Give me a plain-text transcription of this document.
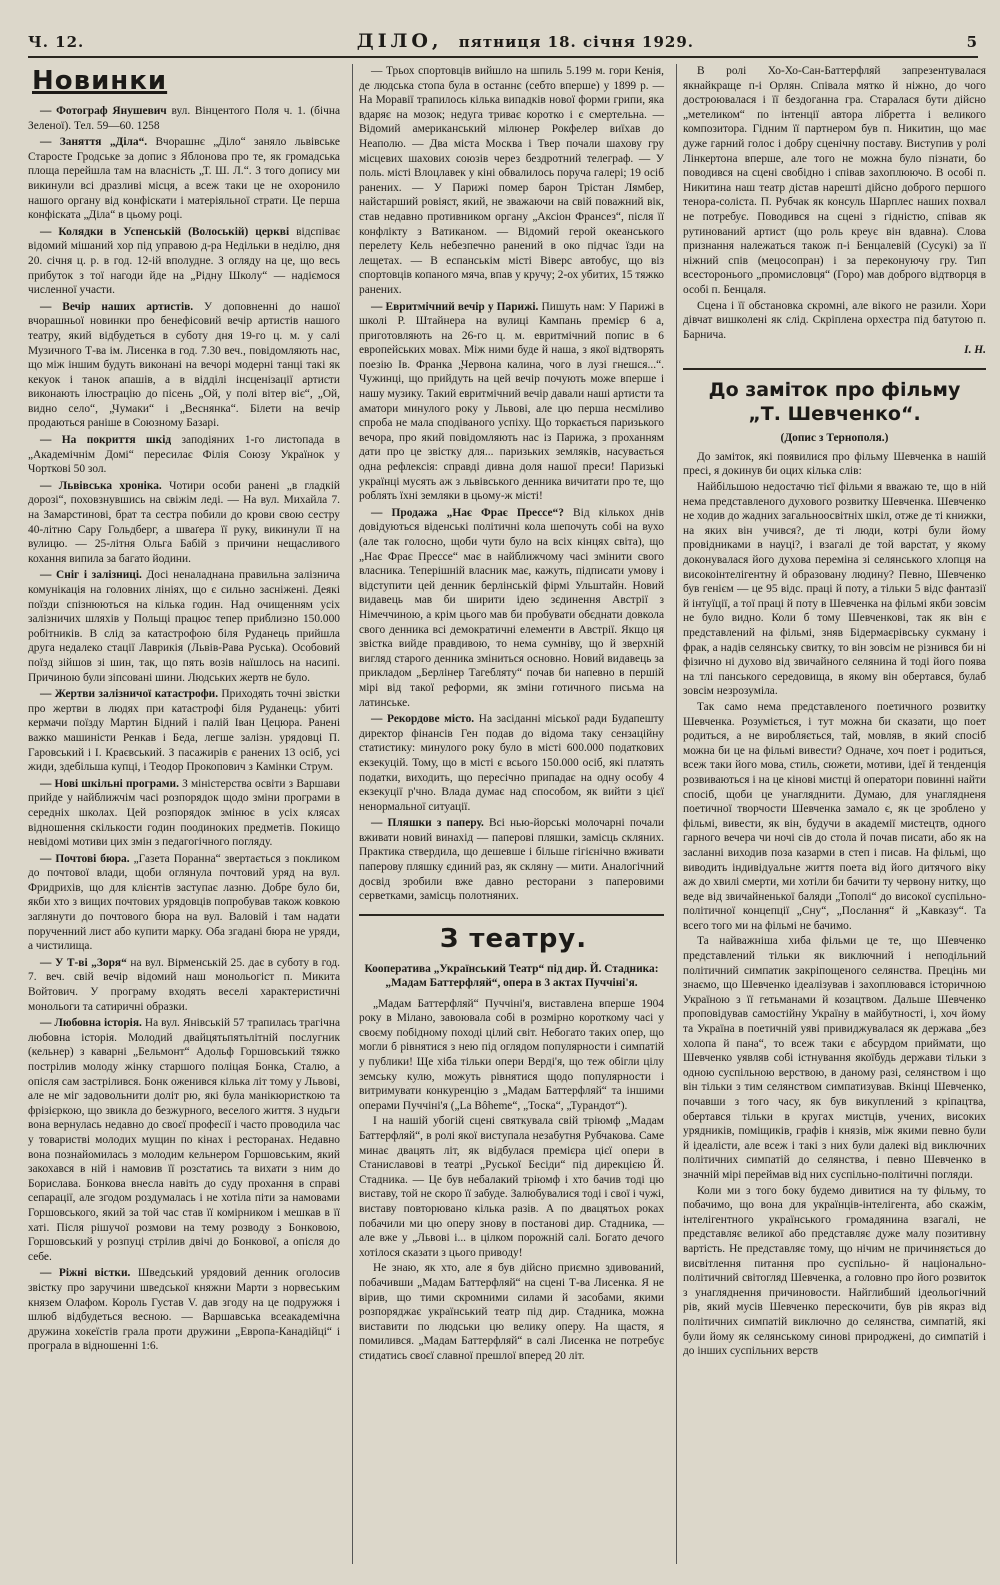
Ч. 12.	ДІЛО, пятниця 18. січня 1929.	5
Новинки

— Фотограф Янушевич вул. Вінцентого Поля ч. 1. (бічна Зеленої). Тел. 59—60. 1258

— Заняття „Діла“. Вчорашнє „Діло“ заняло львівське Старосте Гродське за допис з Яблонова про те, як громадська площа перейшла там на власність „Т. Ш. Л.“. З того допису ми викинули всі дразливі місця, а всеж таки це не охоронило нашого органу від конфіскати і матеріяльної страти. Це перша конфіската „Діла“ в цьому році.

— Колядки в Успенській (Волоській) церкві відспіває відомий мішаний хор під управою д-ра Недільки в неділю, дня 20. січня ц. р. в год. 12-ій вполудне. З огляду на це, що весь прибуток з тої нагоди йде на „Рідну Школу“ — надіємося численної участи.

— Вечір наших артистів. У доповненні до нашої вчорашньої новинки про бенефісовий вечір артистів нашого театру, який відбудеться в суботу дня 19-го ц. м. у салі Музичного Т-ва ім. Лисенка в год. 7.30 веч., повідомляють нас, що між іншим будуть виконані на вечорі модерні танці такі як кекуок і танок апашів, а в відділі інсценізації артисти виконають ілюстрацію до пісень „Ой, у полі вітер віє“, „Ой, видно село“, „Чумаки“ і „Веснянка“. Білети на вечір продаються раніше в Союзному Базарі.

— На покриття шкід заподіяних 1-го листопада в „Академічнім Домі“ пересилає Філія Союзу Українок у Чорткові 50 зол.

— Львівська хроніка. Чотири особи ранені „в гладкій дорозі“, поховзнувшись на свіжім леді. — На вул. Михайла 7. на Замарстинові, брат та сестра побили до крови свою сестру 40-літню Сару Гольдберг, а шваґера її руку, викинули її на вулицю. — 25-літня Ольга Бабій з причини нещасливого кохання випила за багато йодини.

— Сніг і залізниці. Досі неналаднана правильна залізнича комунікація на головних лініях, що є сильно засніжені. Деякі поїзди спізнюються на кілька годин. Над очищенням усіх залізничих шляхів у Польщі працює тепер приблизно 150.000 робітників. В слід за катастрофою біля Руданець прийшла друга недалеко стації Лаврикія (Львів-Рава Руська). Особовий поїзд зійшов зі шин, так, що пять возів наїшлось на насипі. Причиною були зіпсовані шини. Людських жертв не було.

— Жертви залізничої катастрофи. Приходять точні звістки про жертви в людях при катастрофі біля Руданець: убиті кермачи поїзду Мартин Бідний і палій Іван Цецюра. Ранені важко машиністи Ренкав і Беда, легше залізн. урядовці П. Гаровський і І. Краєвський. З пасажирів є ранених 13 осіб, усі жиди, здебільша купці, і Теодор Прокопович з Камінки Струм.

— Нові шкільні програми. З міністерства освіти з Варшави прийде у найближчім часі розпорядок щодо зміни програми в середніх школах. Цей розпорядок змінює в усіх клясах відношення скількости годин поодиноких предметів. Покищо невідомі мотиви цих змін з педагогічного погляду.

— Почтові бюра. „Газета Поранна“ звертається з покликом до почтової влади, щоби оглянула почтовий уряд на вул. Фридрихів, що для клієнтів заступає лазню. Добре було би, якби хто з вищих почтових урядовців попробував також ковкою заглянути до почтового бюра на вул. Валовій і там надати порученний лист або купити марку. Оба згадані бюра не уряди, а чистилища.

— У Т-ві „Зоря“ на вул. Вірменській 25. дає в суботу в год. 7. веч. свій вечір відомий наш монольогіст п. Микита Войтович. У програму входять веселі характеристичні монольоги та сатиричні образки.

— Любовна історія. На вул. Янівській 57 трапилась трагічна любовна історія. Молодий двайцятьпятьлітній послугник (кельнер) з каварні „Бельмонт“ Адольф Горшовський тяжко пострілив молоду жінку старшого поліцая Бонка, Сталю, а опісля сам застрілився. Бонк оженився кілька літ тому у Львові, але не міг задовольнити доліт рю, які була манікюристкою та фрізієркою, що звикла до безжурного, веселого життя. З нудьги вона вернулась недавно до своєї професії і часто проводила час у товаристві молодих мущин по кінах і ресторанах. Недавно вона познайомилась з молодим кельнером Горшовським, який закохався в ній і намовив її розстатись та вихати з ним до Борислава. Бонкова внесла навіть до суду прохання в справі сепарації, але згодом роздумалась і не хотіла піти за намовами Горшовського, який за той час став її комірником і мешкав в її хаті. Після рішучої розмови на тему розводу з Бонковою, Горшовський у розпуці стрілив двічі до Бонкової, а опісля до себе.

— Ріжні вістки. Шведський урядовий денник оголосив звістку про заручини шведської княжни Марти з норвеським князем Олафом. Король Густав V. дав згоду на це подружжя і шлюб відбудеться весною. — Варшавська всеакадемічна дружина хокеїстів грала проти дружини „Европа-Канадійці“ і програла в відношенні 1:6.

— Трьох спортовців вийшло на шпиль 5.199 м. гори Кенія, де людська стопа була в останнє (себто вперше) у 1899 р. — На Моравії трапилось кілька випадків нової форми грипи, яка вдаряє на мозок; недуга триває коротко і є смертельна. — Відомий американський мілюнер Рокфелер виїхав до Неаполю. — Два міста Москва і Твер почали шахову гру місцевих шахових союзів через бездротний телеграф. — У поль. місті Влоцлавек у кіні обвалилось поруча галері; 19 осіб ранених. — У Парижі помер барон Трістан Лямбер, найстарший ровіяст, який, не зважаючи на свій поважний вік, став недавно противником органу „Аксіон Франсез“, після її конфлікту з Ватиканом. — Відомий герой океанського перелету Кель небезпечно ранений в око підчас їзди на лещетах. — В еспанськім місті Віверс автобус, що віз спортовців копаного мяча, впав у кручу; 2-ох убитих, 15 тяжко ранених.

— Евритмічний вечір у Парижі. Пишуть нам: У Парижі в школі Р. Штайнера на вулиці Кампань премієр 6 а, приготовляють на 26-го ц. м. евритмічний попис в 6 европейських мовах. Між ними буде й наша, з якої відтворять поезію Ів. Франка „Червона калина, чого в лузі гнешся...“. Чужинці, що прийдуть на цей вечір почують може вперше і нашу музику. Такий евритмічний вечір давали наші артисти та аматори минулого року у Львові, але цю перша несміливо спроба не мала сподіваного успіху. Що торкається паризького вечора, про який повідомляють нас із Парижа, з проханням дати про це звістку для... паризьких земляків, насувається одна рефлексія: справді дивна доля нашої преси! Паризькі українці мусять аж з львівського денника вичитати про те, що роблять їхні земляки в цьому-ж місті!

— Продажа „Нає Фрає Прессе“? Від кількох днів довідуються віденські політичні кола шепочуть собі на вухо (але так голосно, щоби чути було на всіх кінцях світа), що „Нає Фрає Прессе“ має в найближчому часі змінити свого власника. Теперішній власник має, кажуть, підписати умову і відступити цей денник берлінській фірмі Ульштайн. Новий видавець мав би ширити ідею зєдинення Австрії з Німеччиною, а крім цього мав би пробувати обєднати довкола свого денника всі демократичні елементи в Австрії. Якщо ця звістка вийде правдивою, то нема сумніву, що й зверхній вигляд старого денника зміниться основно. Новий видавець за прикладом „Берлінер Тагебляту“ почав би напевно в першій мірі від такої реформи, як зміни готичного письма на латинське.

— Рекордове місто. На засіданні міської ради Будапешту директор фінансів Ген подав до відома таку сензаційну статистику: минулого року було в місті 600.000 податкових екзекуцій. Тому, що в місті є всього 150.000 осіб, які платять податки, виходить, що пересічно припадає на одну особу 4 екзекуції р'чно. Влада думає над способом, як вийти з цієї ненормальної ситуації.

— Пляшки з паперу. Всі нью-йорські молочарні почали вживати новий винахід — паперові пляшки, замісць скляних. Практика ствердила, що дешевше і більше гігієнічно вживати паперову пляшку єдиний раз, як скляну — мити. Аналогічний досвід зробили вже давно ресторани з паперовими серветками, замісць полотняних.

З театру.
Кооператива „Український Театр“ під дир. Й. Стадника: „Мадам Баттерфляй“, опера в 3 актах Пуччіні'я.

„Мадам Баттерфляй“ Пуччіні'я, виставлена вперше 1904 року в Мілано, завоювала собі в розмірно короткому часі у своєму побідному поході цілий світ. Небогато таких опер, що могли б рівнятися з нею під оглядом популярности і симпатій у публики! Ще хіба тільки опери Верді'я, що теж обігли цілу земську кулю, можуть рівнятися щодо популярности і витримувати конкуренцію з „Мадам Баттерфляй“ та іншими операми Пуччіні'я („La Bôheme“, „Тоска“, „Турандот“).

І на нашій убогій сцені святкувала свій тріюмф „Мадам Баттерфляй“, в ролі якої виступала незабутня Рубчакова. Саме минає двацять літ, як відбулася премієра цієї опери в Станиславові в театрі „Руської Бесіди“ під дирекцією Й. Стадника. — Це був небалакий тріюмф і хто бачив тоді цю виставу, той не скоро її забуде. Залюбувалися тоді і свої і чужі, виставу повторювано кілька разів. А по двацятьох роках побачили ми цю оперу знову в постанові дир. Стадника, — але вже у „Львові і... в цілком порожній салі. Богато дечого хотілося сказати з цього приводу!

Не знаю, як хто, але я був дійсно приємно здивований, побачивши „Мадам Баттерфляй“ на сцені Т-ва Лисенка. Я не вірив, що тими скромними силами й засобами, якими розпоряджає український театр під дир. Стадника, можна виставити по людськи цю велику оперу. На щастя, я помилився. „Мадам Баттерфляй“ в салі Лисенка не потребує стидатись своєї славної прешлої вперед 20 літ.

В ролі Хо-Хо-Сан-Баттерфляй запрезентувалася якнайкраще п-і Орлян. Співала мятко й ніжно, до чого достроювалася і її бездоганна гра. Старалася бути дійсно „метеликом“ по інтенції автора лібретта і великого композитора. Гідним її партнером був п. Никитин, що має дуже гарний голос і добру сценічну поставу. Виступив у ролі Лінкертона вперше, але того не можна було пізнати, бо поводився на сцені свобідно і співав захоплюючо. В особі п. Никитина наш театр дістав нарешті дійсно доброго першого тенора-соліста. П. Рубчак як консуль Шарплес наших похвал не потребує. Поводився на сцені з гідністю, співав як рутинований артист (що роль креує він вдавна). Слова признання належаться також п-і Бенцалевій (Сусукі) за її ніжний спів (мецосопран) і за переконуючу гру. Тип всесторонього „промисловця“ (Горо) мав доброго відтворця в особі п. Бенцаля.

Сцена і її обстановка скромні, але вікого не разили. Хори дівчат вишколені як слід. Скріплена орхестра під батутою п. Барнича.

І. Н.

До заміток про фільму
„Т. Шевченко“.
(Допис з Тернополя.)

До заміток, які появилися про фільму Шевченка в нашій пресі, я докинув би оцих кілька слів:

Найбільшою недостачю тієї фільми я вважаю те, що в ній нема представленого духового розвитку Шевченка. Шевченко не ходив до жадних загальноосвітніх шкіл, отже де ті книжки, на яких він учився?, де ті люди, котрі були йому провідниками в науці?, і взагалі де той варстат, у якому доконувалася його духова переміна зі селянського хлопця на високоінтелігентну й образовану людину? Певно, Шевченко був генієм — це 95 відс. праці й поту, а тільки 5 відс фантазії й інтуїції, а тої праці й поту в Шевченка на фільмі якби зовсім не було видно. Коли б тому Шевченкові, так як він є представлений на фільмі, зняв Бідермаєрівську сукману і фрак, а надів селянську свитку, то він зовсім не різнився би ні фізично ні духово від звичайного селянина й тоді його поява на тлі панського середовища, в якому він обертався, булаб зовсім незрозуміла.

Так само нема представленого поетичного розвитку Шевченка. Розуміється, і тут можна би сказати, що поет родиться, а не виробляється, тай, мовляв, в який спосіб можна би це на фільмі вивести? Одначе, хоч поет і родиться, всеж таки його мова, стиль, сюжети, мотиви, ідеї й тенденція розвиваються і на це кінові мистці й оператори повинні найти спосіб, щоби це унагляднити. Думаю, для унаглядненя поетичної творчости Шевченка замало є, як це зроблено у фільмі, вивести, як він, будучи в академії мистецтв, одного гарного вечера чи ночі сів до стола й почав писати, або як на засланні виходив поза казарми в степ і писав. На фільмі, що виводить індивідуальне життя поета від його дитячого віку аж до хвилі смерти, ми хотіли би бачити ту червону нитку, що веде від звичайненької баляди „Тополі“ до високої суспільно-політичної концепції „Сну“, „Послання“ й „Кавказу“. Та всего того ми на фільмі не бачимо.

Та найважніша хиба фільми це те, що Шевченко представлений тільки як виключний і неподільний політичний симпатик закріпощеного селянства. Прецінь ми знаємо, що Шевченко ідеалізував і захоплювався історичною Україною з її гетьманами й козацтвом. Дальше Шевченко проповідував самостійну Україну в майбутності, і, хоч йому та Україна в поетичній уяві привиджувалася як держава „без холопа й пана“, то всеж таки є абсурдом приймати, що Шевченко уявляв собі істнування якоїбудь держави тільки з одною суспільною верствою, в даному разі, селянством і що він тільки з тим селянством симпатизував. Вкінці Шевченко, почавши з того часу, як був викуплений з кріпацтва, обертався тільки в кругах мистців, учених, високих урядників, поміщиків, графів і князів, між якими певно були й ідеалісти, але всеж і такі з них були далекі від виключних політичних симпатій до селянства, і певно Шевченко в значній мірі переймав від них суспільно-політичні погляди.

Коли ми з того боку будемо дивитися на ту фільму, то побачимо, що вона для українців-інтелігента, або скажім, інтелігентного українського громадянина взагалі, не представляє великої або представляє дуже малу позитивну вартість. Не представляє тому, що нічим не причиняється до висвітлення питання про суспільно- й національно-політичний світогляд Шевченка, а головно про його розвиток з унагляднення причиновости. Найглибший ідеольогічний рів, який мусів Шевченко перескочити, був рів якраз від політичних симпатій виключно до селянства, симпатій, які були йому як селянському синові природжені, до симпатій і до інших суспільних верств
